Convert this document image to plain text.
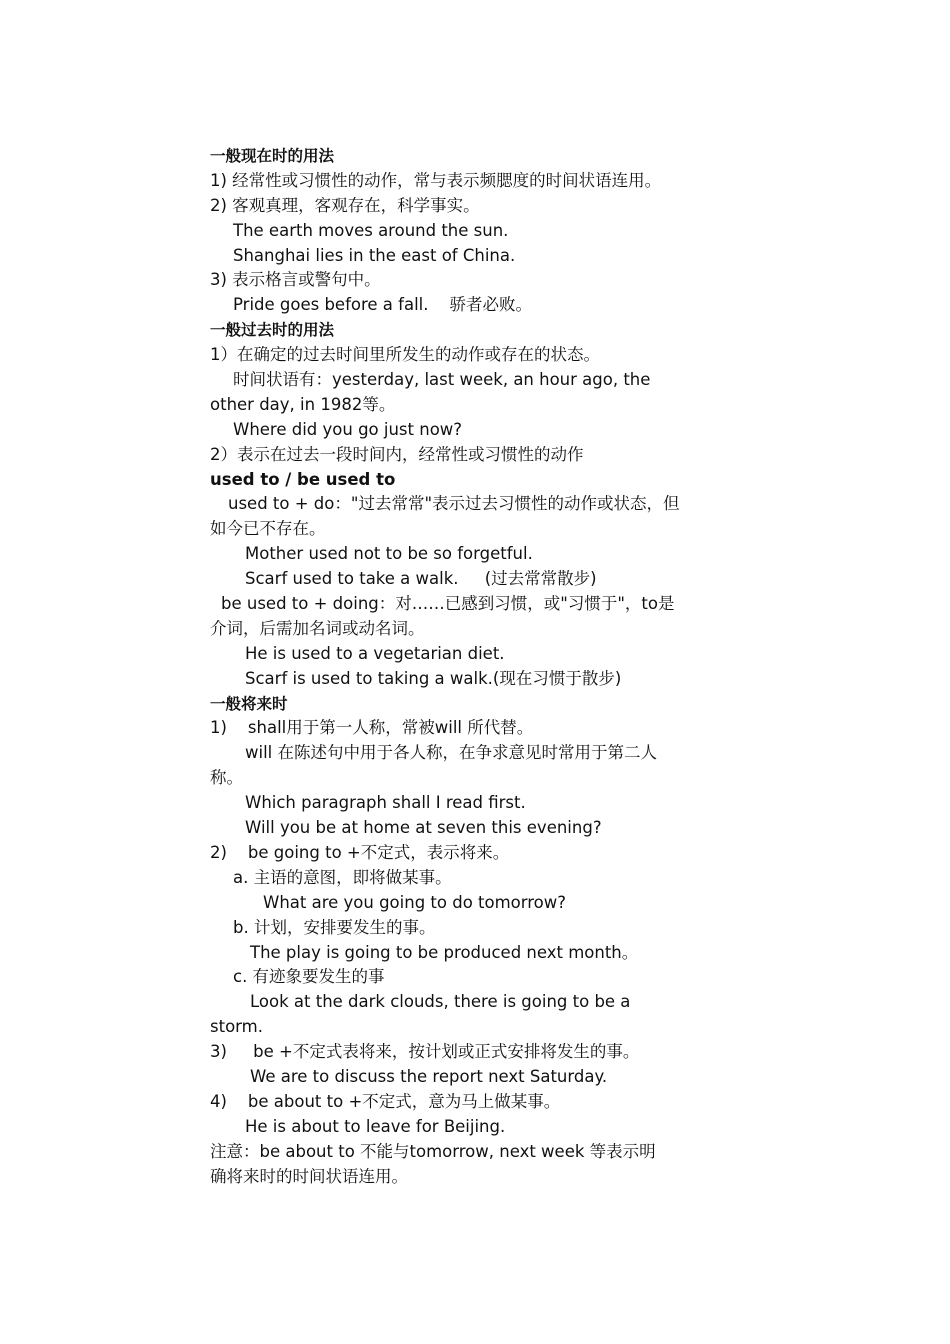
一般现在时的用法
1) 经常性或习惯性的动作，常与表示频腮度的时间状语连用。
2) 客观真理，客观存在，科学事实。
The earth moves around the sun.
Shanghai lies in the east of China.
3) 表示格言或警句中。
Pride goes before a fall.    骄者必败。
一般过去时的用法
1）在确定的过去时间里所发生的动作或存在的状态。
时间状语有：yesterday, last week, an hour ago, the
other day, in 1982等。
Where did you go just now?
2）表示在过去一段时间内，经常性或习惯性的动作
used to / be used to
used to + do："过去常常"表示过去习惯性的动作或状态，但
如今已不存在。
Mother used not to be so forgetful.
Scarf used to take a walk.     (过去常常散步)
be used to + doing：对……已感到习惯，或"习惯于"，to是
介词，后需加名词或动名词。
He is used to a vegetarian diet.
Scarf is used to taking a walk.(现在习惯于散步)
一般将来时
1)    shall用于第一人称，常被will 所代替。
will 在陈述句中用于各人称，在争求意见时常用于第二人
称。
Which paragraph shall I read first.
Will you be at home at seven this evening?
2)    be going to +不定式，表示将来。
a. 主语的意图，即将做某事。
What are you going to do tomorrow?
b. 计划，安排要发生的事。
The play is going to be produced next month。
c. 有迹象要发生的事
Look at the dark clouds, there is going to be a
storm.
3)     be +不定式表将来，按计划或正式安排将发生的事。
We are to discuss the report next Saturday.
4)    be about to +不定式，意为马上做某事。
He is about to leave for Beijing.
注意：be about to 不能与tomorrow, next week 等表示明
确将来时的时间状语连用。
